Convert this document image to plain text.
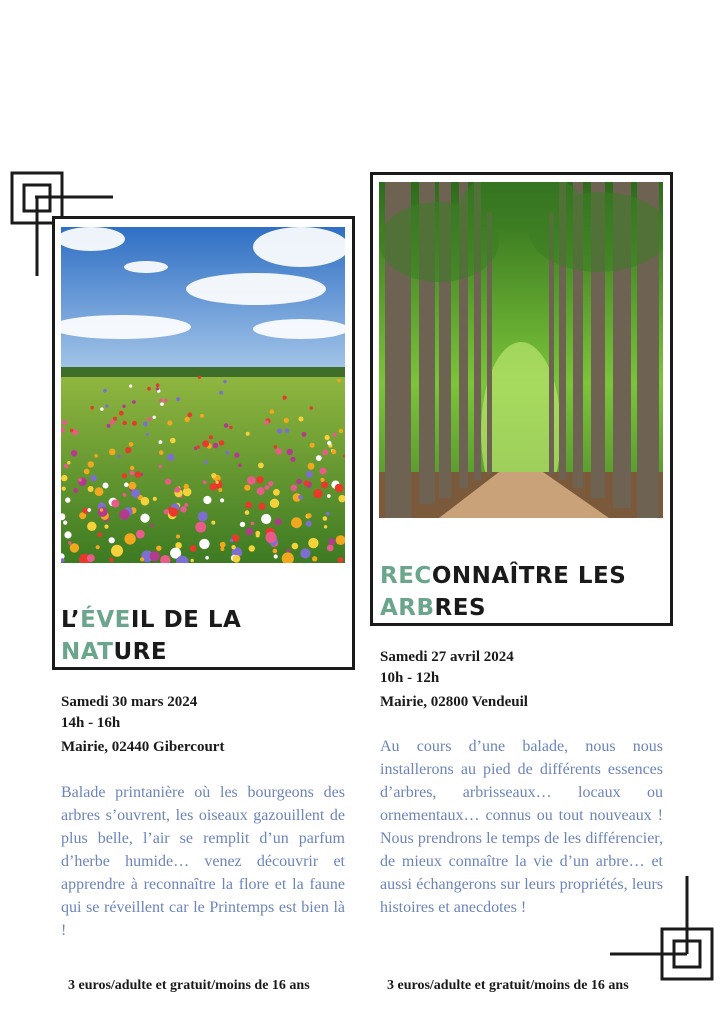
L’ÉVEIL DE LA
NATURE
Samedi 30 mars 2024
14h - 16h
Mairie, 02440 Gibercourt

Balade printanière où les bourgeons des arbres s’ouvrent, les oiseaux gazouillent de plus belle, l’air se remplit d’un parfum d’herbe humide… venez découvrir et apprendre à reconnaître la flore et la faune qui se réveillent car le Printemps est bien là !

3 euros/adulte et gratuit/moins de 16 ans
RECONNAÎTRE LES
ARBRES
Samedi 27 avril 2024
10h - 12h
Mairie, 02800 Vendeuil

Au cours d’une balade, nous nous installerons au pied de différents essences d’arbres, arbrisseaux… locaux ou ornementaux… connus ou tout nouveaux ! Nous prendrons le temps de les différencier, de mieux connaître la vie d’un arbre… et aussi échangerons sur leurs propriétés, leurs histoires et anecdotes !

3 euros/adulte et gratuit/moins de 16 ans
